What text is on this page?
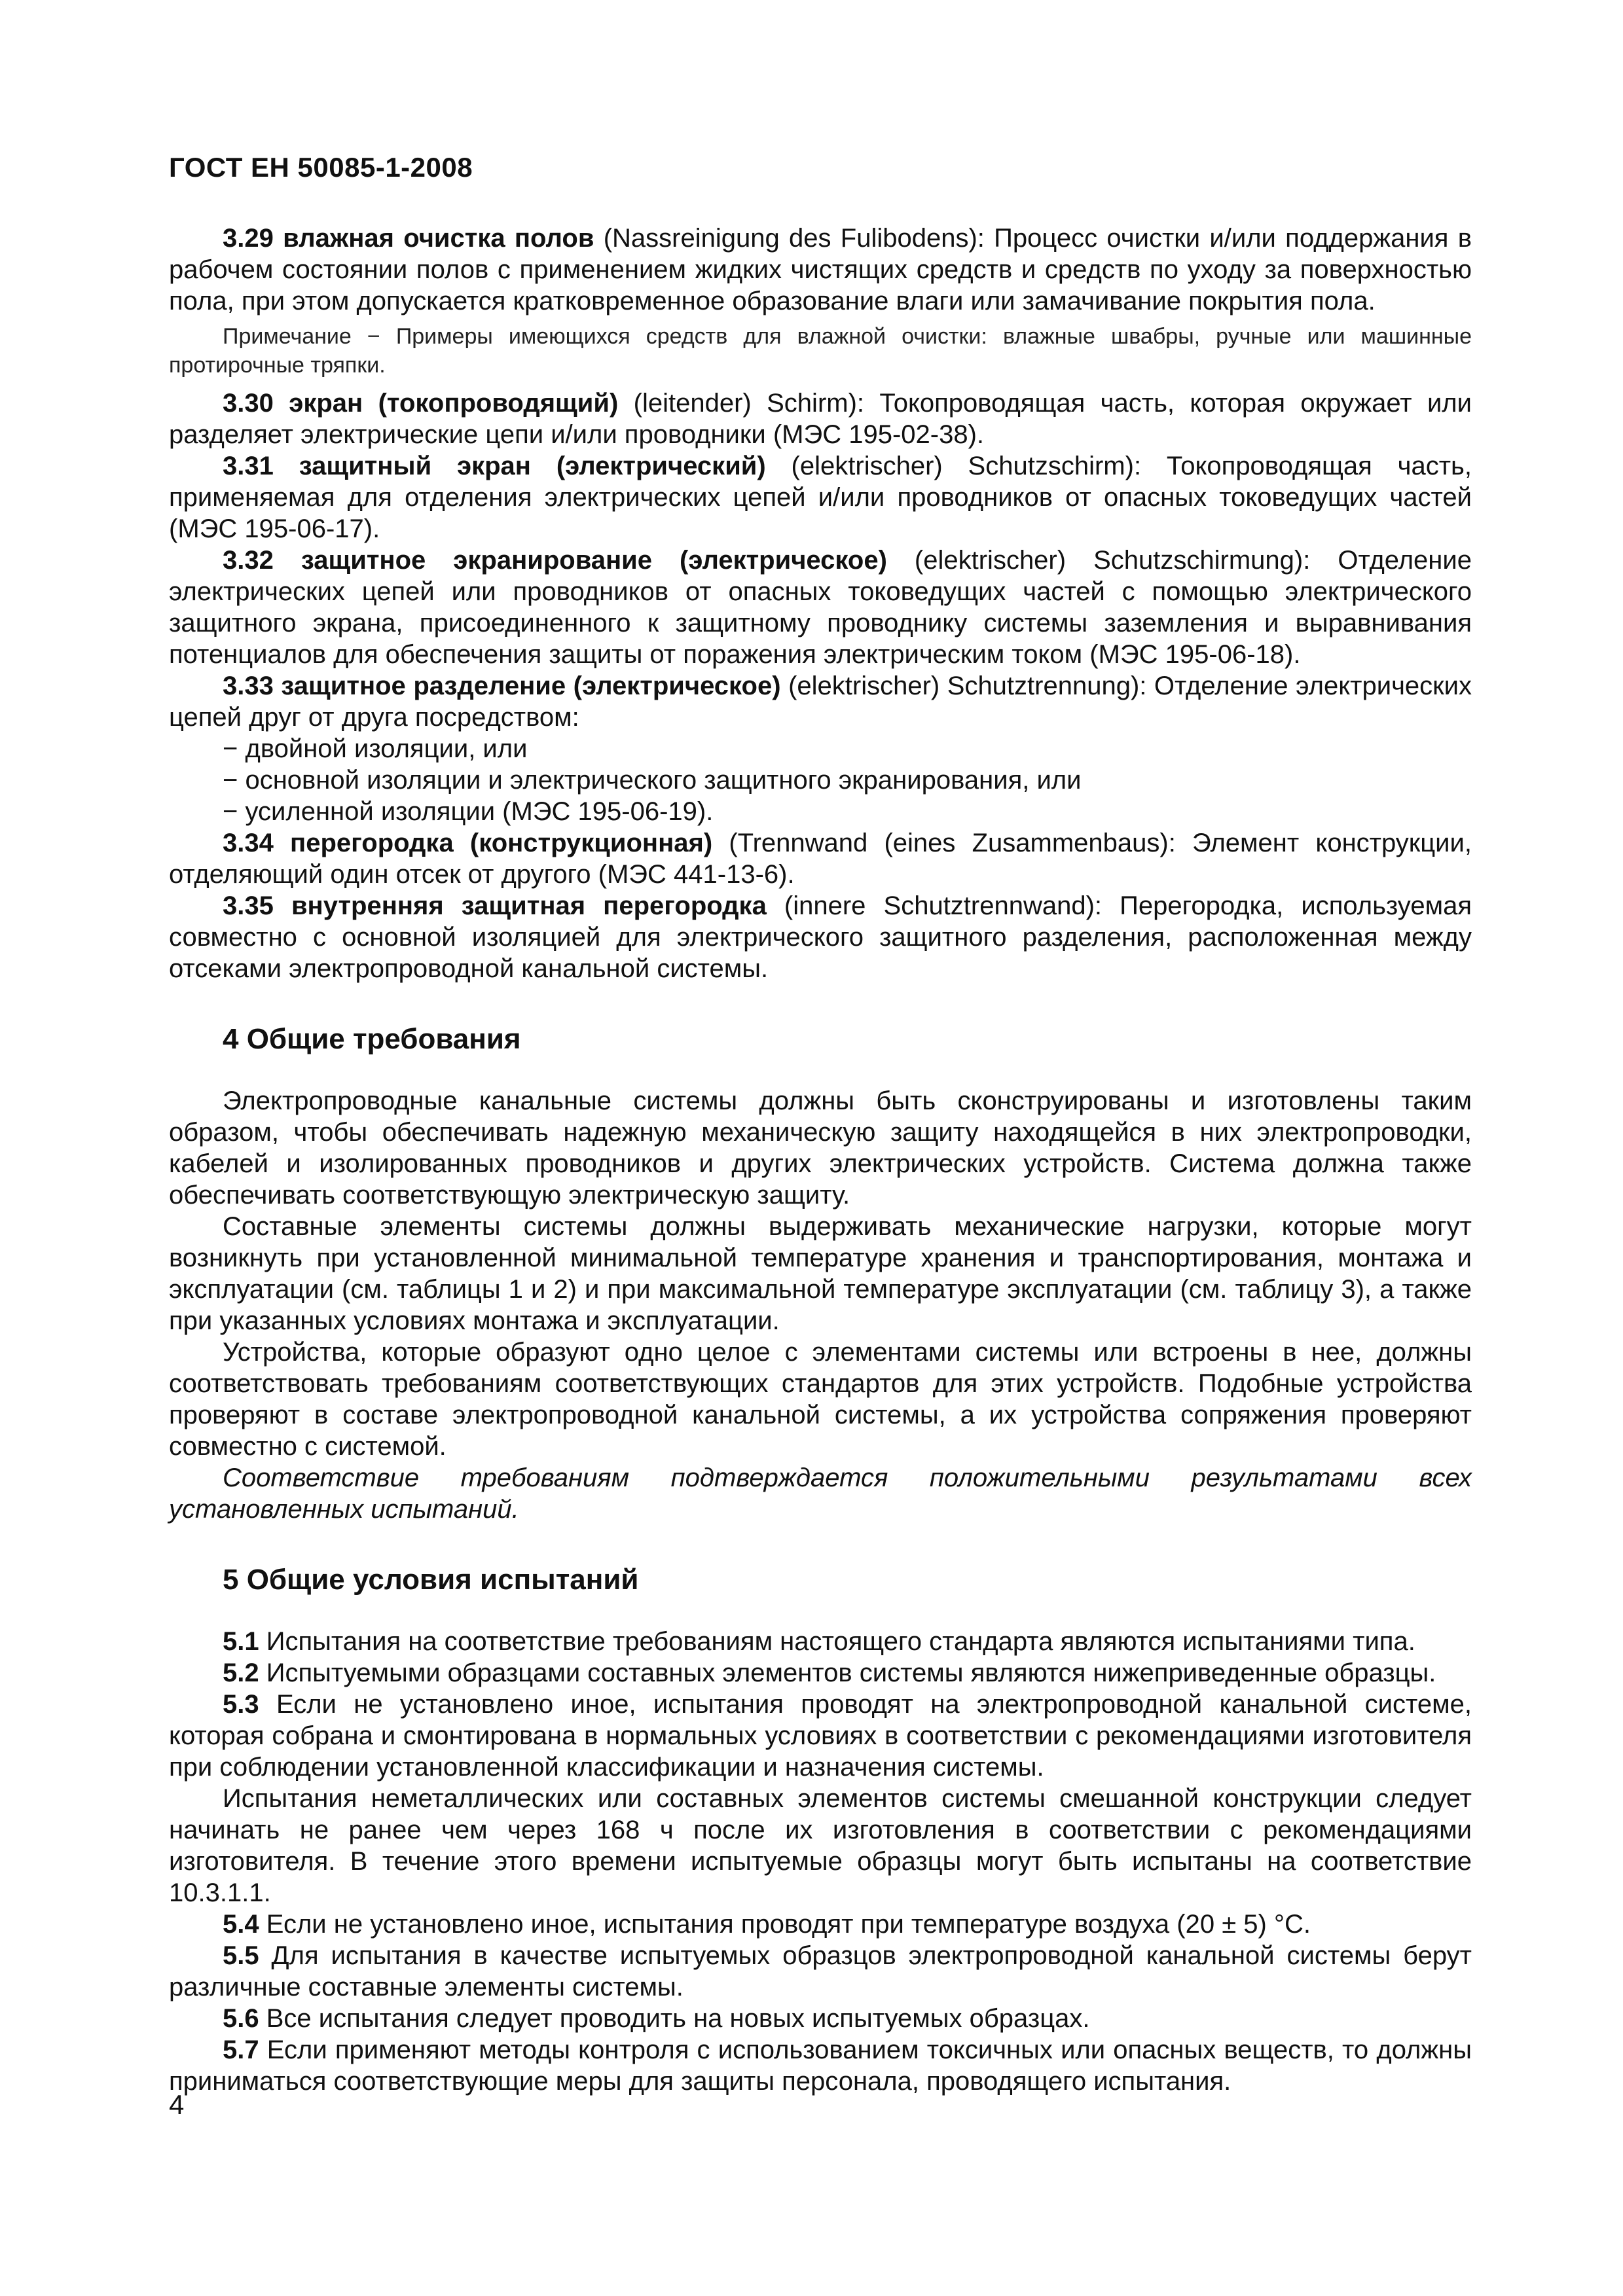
ГОСТ ЕН 50085-1-2008

3.29 влажная очистка полов (Nassreinigung des Fulibodens): Процесс очистки и/или поддержания в рабочем состоянии полов с применением жидких чистящих средств и средств по уходу за поверхностью пола, при этом допускается кратковременное образование влаги или замачивание покрытия пола.

Примечание − Примеры имеющихся средств для влажной очистки: влажные швабры, ручные или машинные протирочные тряпки.

3.30 экран (токопроводящий) (leitender) Schirm): Токопроводящая часть, которая окружает или разделяет электрические цепи и/или проводники (МЭС 195-02-38).

3.31 защитный экран (электрический) (elektrischer) Schutzschirm): Токопроводящая часть, применяемая для отделения электрических цепей и/или проводников от опасных токоведущих частей (МЭС 195-06-17).

3.32 защитное экранирование (электрическое) (elektrischer) Schutzschirmung): Отделение электрических цепей или проводников от опасных токоведущих частей с помощью электрического защитного экрана, присоединенного к защитному проводнику системы заземления и выравнивания потенциалов для обеспечения защиты от поражения электрическим током (МЭС 195-06-18).

3.33 защитное разделение (электрическое) (elektrischer) Schutztrennung): Отделение электрических цепей друг от друга посредством:

− двойной изоляции, или

− основной изоляции и электрического защитного экранирования, или

− усиленной изоляции (МЭС 195-06-19).

3.34 перегородка (конструкционная) (Trennwand (eines Zusammenbaus): Элемент конструкции, отделяющий один отсек от другого (МЭС 441-13-6).

3.35 внутренняя защитная перегородка (innere Schutztrennwand): Перегородка, используемая совместно с основной изоляцией для электрического защитного разделения, расположенная между отсеками электропроводной канальной системы.

4 Общие требования

Электропроводные канальные системы должны быть сконструированы и изготовлены таким образом, чтобы обеспечивать надежную механическую защиту находящейся в них электропроводки, кабелей и изолированных проводников и других электрических устройств. Система должна также обеспечивать соответствующую электрическую защиту.

Составные элементы системы должны выдерживать механические нагрузки, которые могут возникнуть при установленной минимальной температуре хранения и транспортирования, монтажа и эксплуатации (см. таблицы 1 и 2) и при максимальной температуре эксплуатации (см. таблицу 3), а также при указанных условиях монтажа и эксплуатации.

Устройства, которые образуют одно целое с элементами системы или встроены в нее, должны соответствовать требованиям соответствующих стандартов для этих устройств. Подобные устройства проверяют в составе электропроводной канальной системы, а их устройства сопряжения проверяют совместно с системой.

Соответствие требованиям подтверждается положительными результатами всех установленных испытаний.

5 Общие условия испытаний

5.1 Испытания на соответствие требованиям настоящего стандарта являются испытаниями типа.

5.2 Испытуемыми образцами составных элементов системы являются нижеприведенные образцы.

5.3 Если не установлено иное, испытания проводят на электропроводной канальной системе, которая собрана и смонтирована в нормальных условиях в соответствии с рекомендациями изготовителя при соблюдении установленной классификации и назначения системы.

Испытания неметаллических или составных элементов системы смешанной конструкции следует начинать не ранее чем через 168 ч после их изготовления в соответствии с рекомендациями изготовителя. В течение этого времени испытуемые образцы могут быть испытаны на соответствие 10.3.1.1.

5.4 Если не установлено иное, испытания проводят при температуре воздуха (20 ± 5) °С.

5.5 Для испытания в качестве испытуемых образцов электропроводной канальной системы берут различные составные элементы системы.

5.6 Все испытания следует проводить на новых испытуемых образцах.

5.7 Если применяют методы контроля с использованием токсичных или опасных веществ, то должны приниматься соответствующие меры для защиты персонала, проводящего испытания.

4
